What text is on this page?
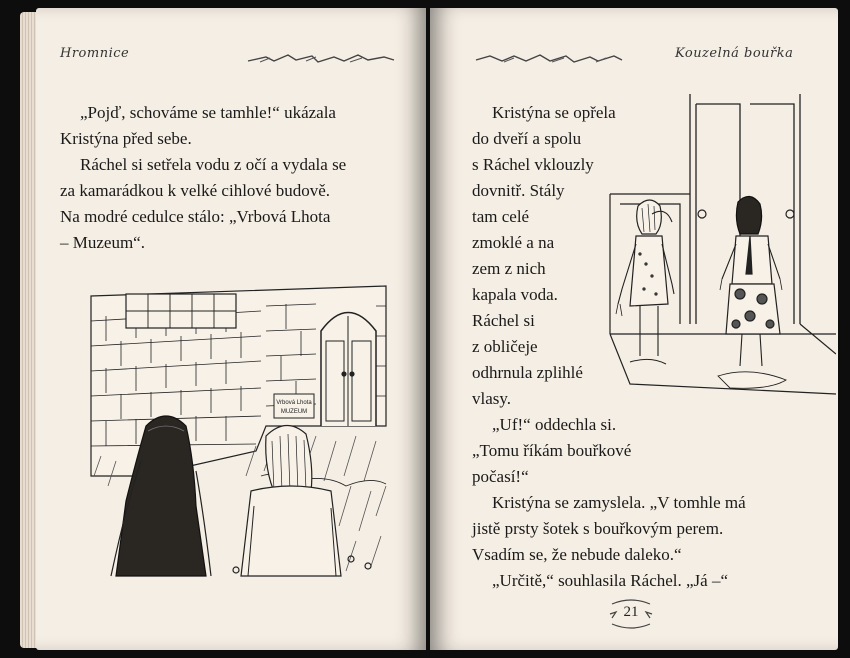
Hromnice

„Pojď, schováme se tamhle!“ ukázala
Kristýna před sebe.

Ráchel si setřela vodu z očí a vydala se
za kamarádkou k velké cihlové budově.
Na modré cedulce stálo: „Vrbová Lhota
– Muzeum“.

Vrbová Lhota
MUZEUM
Kouzelná bouřka

Kristýna se opřela
do dveří a spolu
s Ráchel vklouzly
dovnitř. Stály
tam celé
zmoklé a na
zem z nich
kapala voda.
Ráchel si
z obličeje
odhrnula zplihlé
vlasy.

„Uf!“ oddechla si.
„Tomu říkám bouřkové
počasí!“

Kristýna se zamyslela. „V tomhle má
jistě prsty šotek s bouřkovým perem.
Vsadím se, že nebude daleko.“

„Určitě,“ souhlasila Ráchel. „Já –“

21
